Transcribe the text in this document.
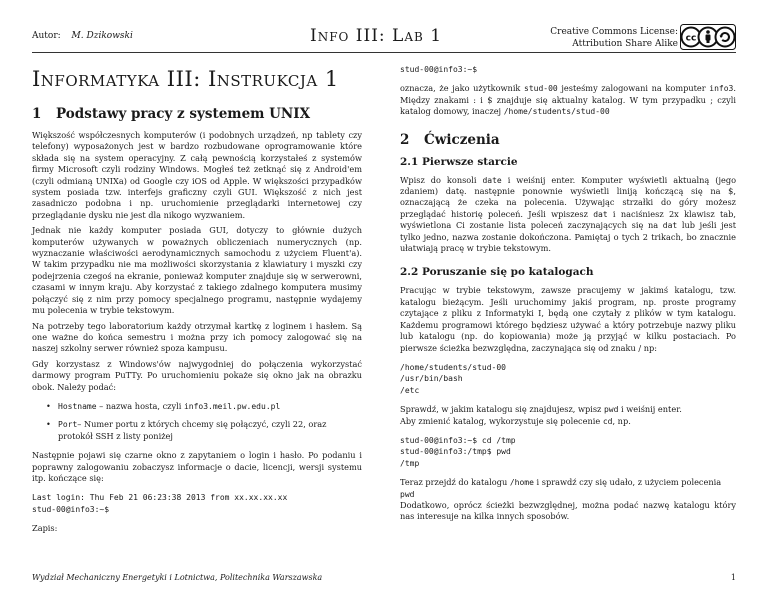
Autor: M. Dzikowski	Info III: Lab 1	Creative Commons License:
Attribution Share Alike
cc
Informatyka III: Instrukcja 1
1 Podstawy pracy z systemem UNIX

Większość współczesnych komputerów (i podobnych urządzeń, np tablety czy telefony) wyposażonych jest w bardzo rozbudowane oprogramowanie które składa się na system operacyjny. Z całą pewnością korzystałeś z systemów firmy Microsoft czyli rodziny Windows. Mogłeś też zetknąć się z Android'em (czyli odmianą UNIXa) od Google czy iOS od Apple. W większości przypadków system posiada tzw. interfejs graficzny czyli GUI. Większość z nich jest zasadniczo podobna i np. uruchomienie przeglądarki internetowej czy przeglądanie dysku nie jest dla nikogo wyzwaniem.

Jednak nie każdy komputer posiada GUI, dotyczy to głównie dużych komputerów używanych w poważnych obliczeniach numerycznych (np. wyznaczanie właściwości aerodynamicznych samochodu z użyciem Fluent'a). W takim przypadku nie ma możliwości skorzystania z klawiatury i myszki czy podejrzenia czegoś na ekranie, ponieważ komputer znajduje się w serwerowni, czasami w innym kraju. Aby korzystać z takiego zdalnego komputera musimy połączyć się z nim przy pomocy specjalnego programu, następnie wydajemy mu polecenia w trybie tekstowym.

Na potrzeby tego laboratorium każdy otrzymał kartkę z loginem i hasłem. Są one ważne do końca semestru i można przy ich pomocy zalogować się na naszej szkolny serwer również spoza kampusu.

Gdy korzystasz z Windows'ów najwygodniej do połączenia wykorzystać darmowy program PuTTy. Po uruchomieniu pokaże się okno jak na obrazku obok. Należy podać:

• Hostname – nazwa hosta, czyli info3.meil.pw.edu.pl
• Port– Numer portu z których chcemy się połączyć, czyli 22, oraz protokół SSH z listy poniżej

Następnie pojawi się czarne okno z zapytaniem o login i hasło. Po podaniu i poprawny zalogowaniu zobaczysz informacje o dacie, licencji, wersji systemu itp. kończące się:

Last login: Thu Feb 21 06:23:38 2013 from xx.xx.xx.xx
stud-00@info3:~$

Zapis:

stud-00@info3:~$

oznacza, że jako użytkownik stud-00 jesteśmy zalogowani na komputer info3. Między znakami : i $ znajduje się aktualny katalog. W tym przypadku ; czyli katalog domowy, inaczej /home/students/stud-00

2 Ćwiczenia
2.1 Pierwsze starcie

Wpisz do konsoli date i weiśnij enter. Komputer wyświetli aktualną (jego zdaniem) datę. następnie ponownie wyświetli liniją kończącą się na $, oznaczającą że czeka na polecenia. Używając strzałki do góry możesz przeglądać historię poleceń. Jeśli wpiszesz dat i naciśniesz 2x klawisz tab, wyświetlona Ci zostanie lista poleceń zaczynających się na dat lub jeśli jest tylko jedno, nazwa zostanie dokończona. Pamiętaj o tych 2 trikach, bo znacznie ułatwiają pracę w trybie tekstowym.

2.2 Poruszanie się po katalogach

Pracując w trybie tekstowym, zawsze pracujemy w jakimś katalogu, tzw. katalogu bieżącym. Jeśli uruchomimy jakiś program, np. proste programy czytające z pliku z Informatyki I, będą one czytały z plików w tym katalogu. Każdemu programowi którego będziesz używać a który potrzebuje nazwy pliku lub katalogu (np. do kopiowania) może ją przyjąć w kilku postaciach. Po pierwsze ścieżka bezwzględna, zaczynająca się od znaku / np:

/home/students/stud-00
/usr/bin/bash
/etc

Sprawdź, w jakim katalogu się znajdujesz, wpisz pwd i weiśnij enter.

Aby zmienić katalog, wykorzystuje się polecenie cd, np.

stud-00@info3:~$ cd /tmp
stud-00@info3:/tmp$ pwd
/tmp

Teraz przejdź do katalogu /home i sprawdź czy się udało, z użyciem polecenia
pwd

Dodatkowo, oprócz ścieżki bezwzględnej, można podać nazwę katalogu który nas interesuje na kilka innych sposobów.

Wydział Mechaniczny Energetyki i Lotnictwa, Politechnika Warszawska	1
